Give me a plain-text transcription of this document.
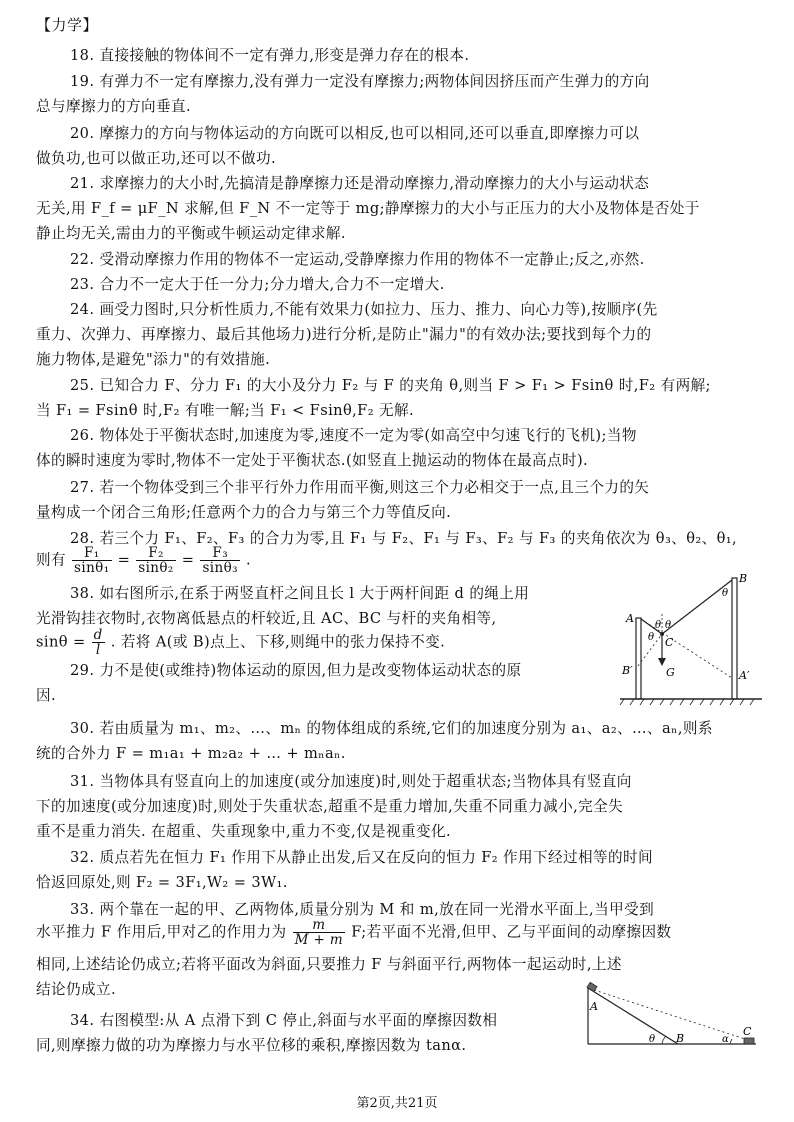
【力学】
18. 直接接触的物体间不一定有弹力,形变是弹力存在的根本.
19. 有弹力不一定有摩擦力,没有弹力一定没有摩擦力;两物体间因挤压而产生弹力的方向
总与摩擦力的方向垂直.
20. 摩擦力的方向与物体运动的方向既可以相反,也可以相同,还可以垂直,即摩擦力可以
做负功,也可以做正功,还可以不做功.
21. 求摩擦力的大小时,先搞清是静摩擦力还是滑动摩擦力,滑动摩擦力的大小与运动状态
无关,用 F_f = μF_N 求解,但 F_N 不一定等于 mg;静摩擦力的大小与正压力的大小及物体是否处于
静止均无关,需由力的平衡或牛顿运动定律求解.
22. 受滑动摩擦力作用的物体不一定运动,受静摩擦力作用的物体不一定静止;反之,亦然.
23. 合力不一定大于任一分力;分力增大,合力不一定增大.
24. 画受力图时,只分析性质力,不能有效果力(如拉力、压力、推力、向心力等),按顺序(先
重力、次弹力、再摩擦力、最后其他场力)进行分析,是防止"漏力"的有效办法;要找到每个力的
施力物体,是避免"添力"的有效措施.
25. 已知合力 F、分力 F₁ 的大小及分力 F₂ 与 F 的夹角 θ,则当 F > F₁ > Fsinθ 时,F₂ 有两解;
当 F₁ = Fsinθ 时,F₂ 有唯一解;当 F₁ < Fsinθ,F₂ 无解.
26. 物体处于平衡状态时,加速度为零,速度不一定为零(如高空中匀速飞行的飞机);当物
体的瞬时速度为零时,物体不一定处于平衡状态.(如竖直上抛运动的物体在最高点时).
27. 若一个物体受到三个非平行外力作用而平衡,则这三个力必相交于一点,且三个力的矢
量构成一个闭合三角形;任意两个力的合力与第三个力等值反向.
28. 若三个力 F₁、F₂、F₃ 的合力为零,且 F₁ 与 F₂、F₁ 与 F₃、F₂ 与 F₃ 的夹角依次为 θ₃、θ₂、θ₁,
则有 $\frac{\text{F₁}}{\text{sinθ₁}} = \frac{\text{F₂}}{\text{sinθ₂}} = \frac{\text{F₃}}{\text{sinθ₃}}$ .
38. 如右图所示,在系于两竖直杆之间且长 l 大于两杆间距 d 的绳上用
光滑钩挂衣物时,衣物离低悬点的杆较近,且 AC、BC 与杆的夹角相等,
$\sin\theta = \frac{d}{l}$ . 若将 A(或 B)点上、下移,则绳中的张力保持不变.
A
B
B′	A′
C
G
θ θ
θ
θ
29. 力不是使(或维持)物体运动的原因,但力是改变物体运动状态的原
因.
30. 若由质量为 m₁、m₂、…、mₙ 的物体组成的系统,它们的加速度分别为 a₁、a₂、…、aₙ,则系
统的合外力 F = m₁a₁ + m₂a₂ + … + mₙaₙ.
31. 当物体具有竖直向上的加速度(或分加速度)时,则处于超重状态;当物体具有竖直向
下的加速度(或分加速度)时,则处于失重状态,超重不是重力增加,失重不同重力减小,完全失
重不是重力消失. 在超重、失重现象中,重力不变,仅是视重变化.
32. 质点若先在恒力 F₁ 作用下从静止出发,后又在反向的恒力 F₂ 作用下经过相等的时间
恰返回原处,则 F₂ = 3F₁,W₂ = 3W₁.
33. 两个靠在一起的甲、乙两物体,质量分别为 M 和 m,放在同一光滑水平面上,当甲受到
水平推力 F 作用后,甲对乙的作用力为 $\frac{m}{M + m} F$;若平面不光滑,但甲、乙与平面间的动摩擦因数
相同,上述结论仍成立;若将平面改为斜面,只要推力 F 与斜面平行,两物体一起运动时,上述
结论仍成立.
34. 右图模型:从 A 点滑下到 C 停止,斜面与水平面的摩擦因数相
同,则摩擦力做的功为摩擦力与水平位移的乘积,摩擦因数为 tanα.
A
B
C
θ	α
第2页,共21页
